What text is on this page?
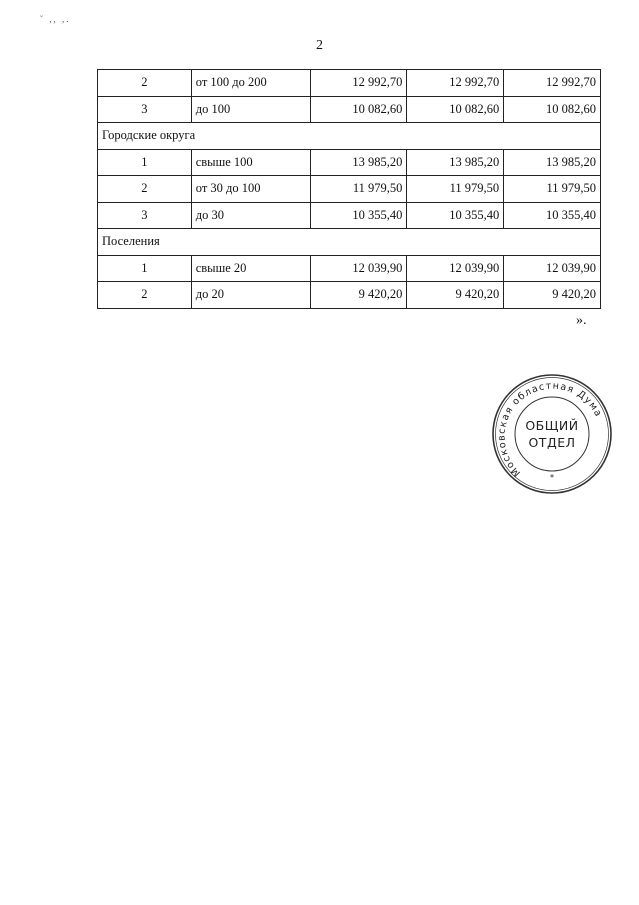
˘ ,, ,.
2
2	от 100 до 200	12 992,70	12 992,70	12 992,70
3	до 100	10 082,60	10 082,60	10 082,60
Городские округа				
1	свыше 100	13 985,20	13 985,20	13 985,20
2	от 30 до 100	11 979,50	11 979,50	11 979,50
3	до 30	10 355,40	10 355,40	10 355,40
Поселения				
1	свыше 20	12 039,90	12 039,90	12 039,90
2	до 20	9 420,20	9 420,20	9 420,20
».
Московская областная Дума
*
ОБЩИЙ
ОТДЕЛ
